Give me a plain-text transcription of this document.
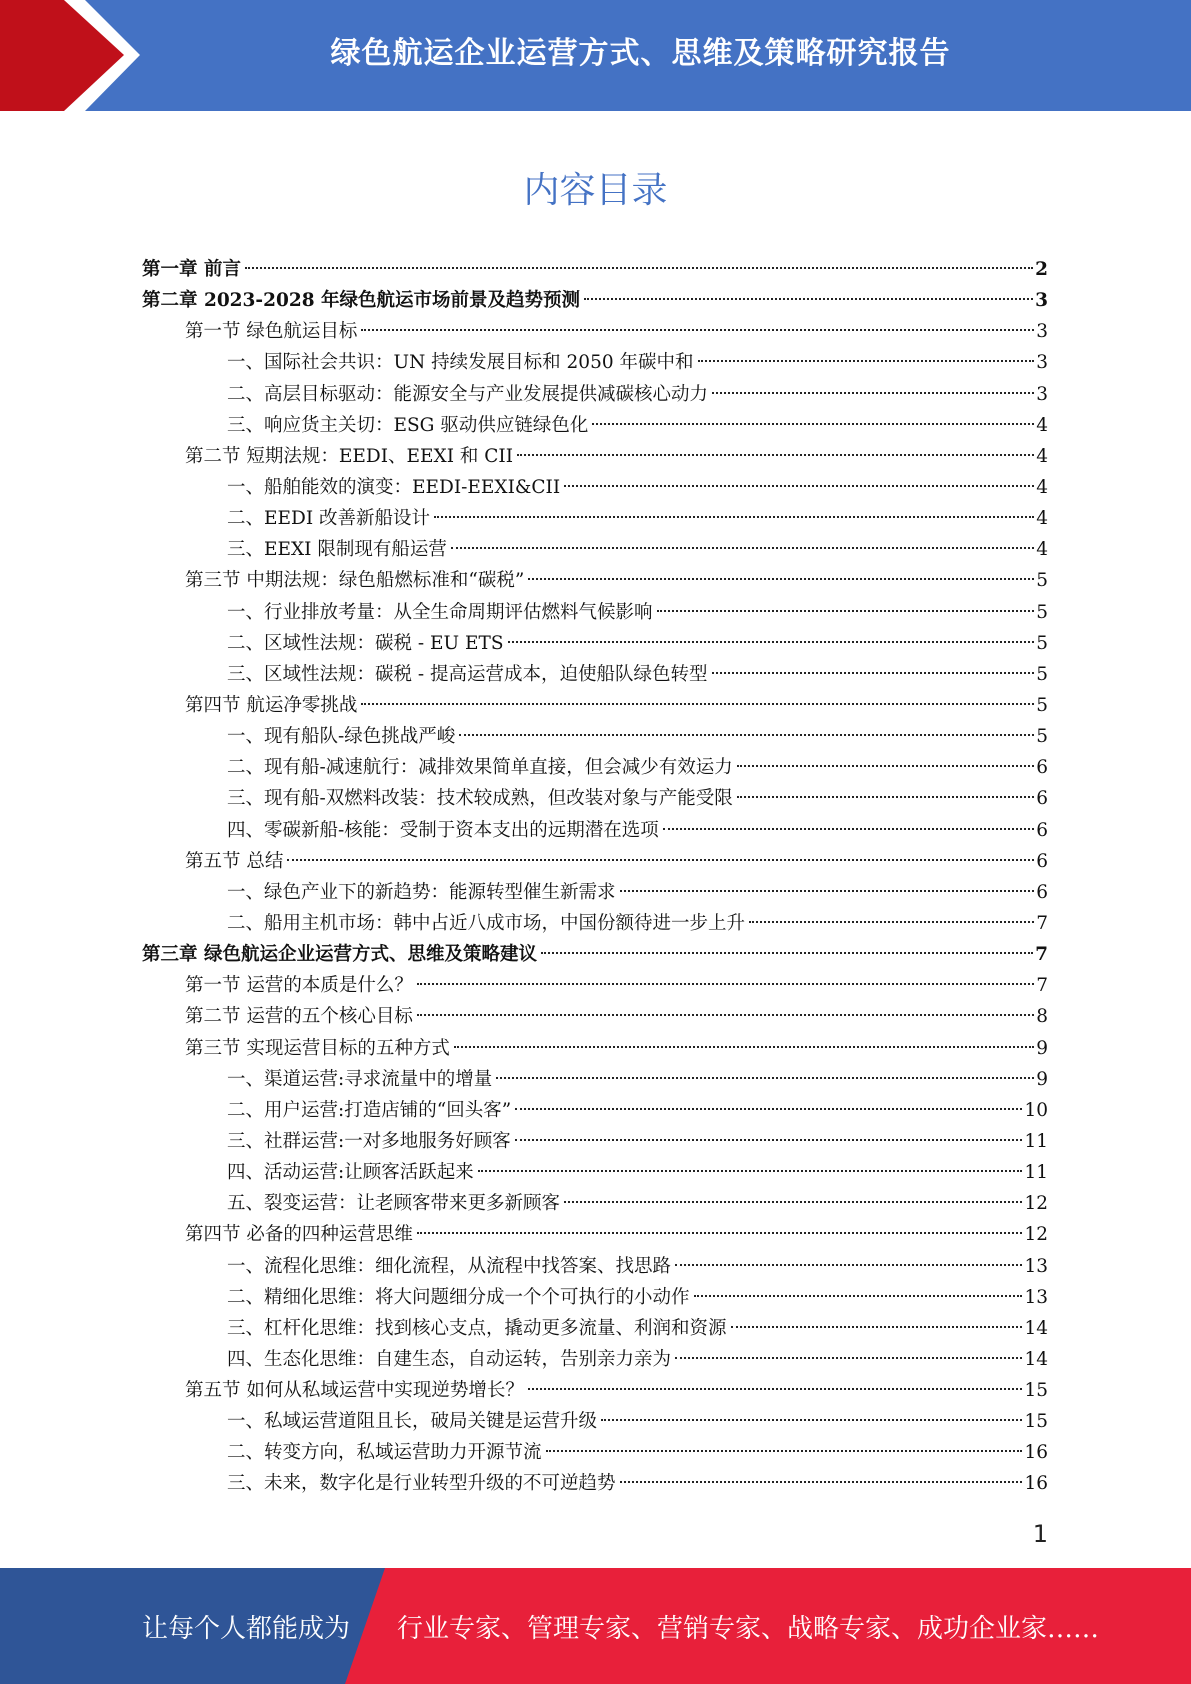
绿色航运企业运营方式、思维及策略研究报告
内容目录
第一章 前言	2
第二章 2023-2028 年绿色航运市场前景及趋势预测	3
第一节 绿色航运目标	3
一、国际社会共识：UN 持续发展目标和 2050 年碳中和	3
二、高层目标驱动：能源安全与产业发展提供减碳核心动力	3
三、响应货主关切：ESG 驱动供应链绿色化	4
第二节 短期法规：EEDI、EEXI 和 CII	4
一、船舶能效的演变：EEDI-EEXI&CII	4
二、EEDI 改善新船设计	4
三、EEXI 限制现有船运营	4
第三节 中期法规：绿色船燃标准和“碳税”	5
一、行业排放考量：从全生命周期评估燃料气候影响	5
二、区域性法规：碳税 - EU ETS	5
三、区域性法规：碳税 - 提高运营成本，迫使船队绿色转型	5
第四节 航运净零挑战	5
一、现有船队-绿色挑战严峻	5
二、现有船-减速航行：减排效果简单直接，但会减少有效运力	6
三、现有船-双燃料改装：技术较成熟，但改装对象与产能受限	6
四、零碳新船-核能：受制于资本支出的远期潜在选项	6
第五节 总结	6
一、绿色产业下的新趋势：能源转型催生新需求	6
二、船用主机市场：韩中占近八成市场，中国份额待进一步上升	7
第三章 绿色航运企业运营方式、思维及策略建议	7
第一节 运营的本质是什么？	7
第二节 运营的五个核心目标	8
第三节 实现运营目标的五种方式	9
一、渠道运营:寻求流量中的增量	9
二、用户运营:打造店铺的“回头客”	10
三、社群运营:一对多地服务好顾客	11
四、活动运营:让顾客活跃起来	11
五、裂变运营：让老顾客带来更多新顾客	12
第四节 必备的四种运营思维	12
一、流程化思维：细化流程，从流程中找答案、找思路	13
二、精细化思维：将大问题细分成一个个可执行的小动作	13
三、杠杆化思维：找到核心支点，撬动更多流量、利润和资源	14
四、生态化思维：自建生态，自动运转，告别亲力亲为	14
第五节 如何从私域运营中实现逆势增长？	15
一、私域运营道阻且长，破局关键是运营升级	15
二、转变方向，私域运营助力开源节流	16
三、未来，数字化是行业转型升级的不可逆趋势	16
1
让每个人都能成为 行业专家、管理专家、营销专家、战略专家、成功企业家……
